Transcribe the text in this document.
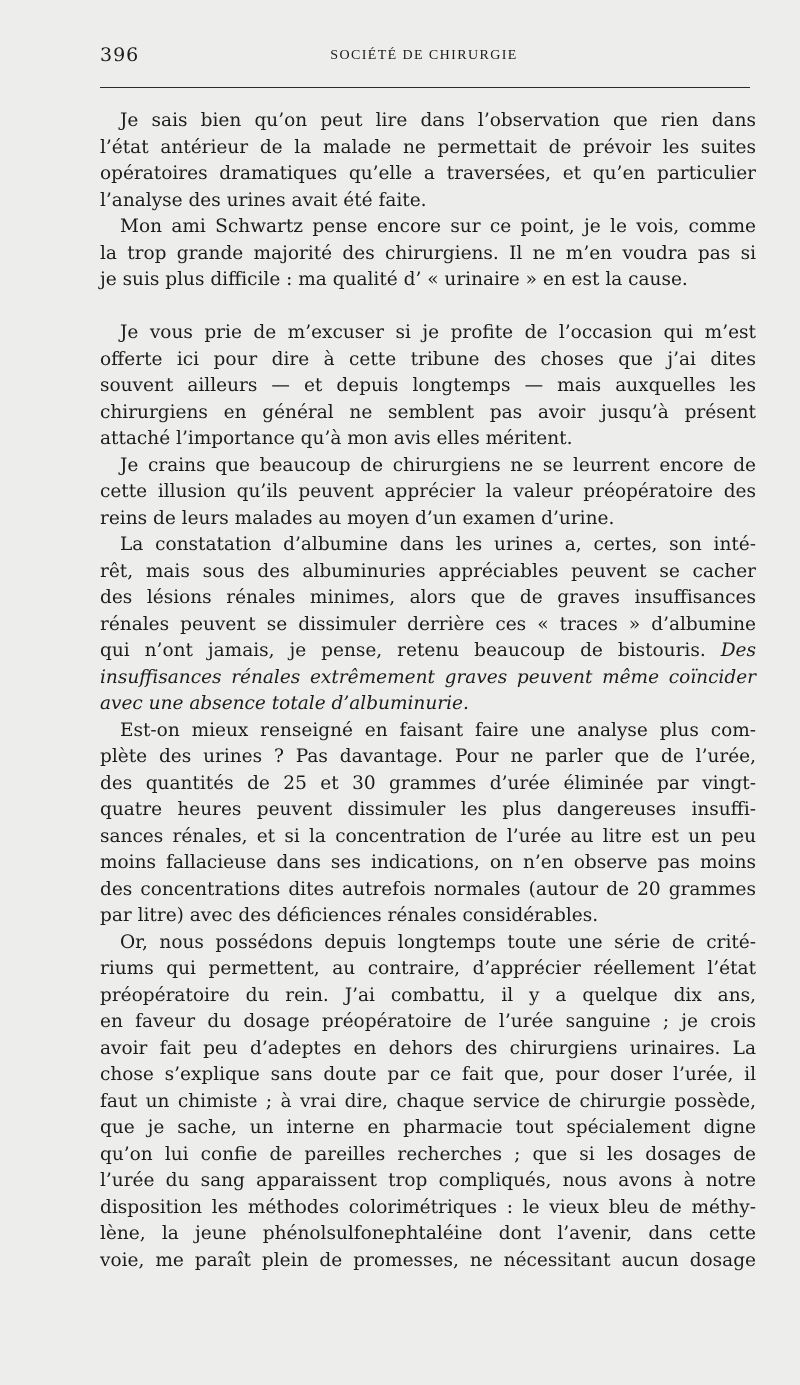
396	SOCIÉTÉ DE CHIRURGIE
Je sais bien qu’on peut lire dans l’observation que rien dans
l’état antérieur de la malade ne permettait de prévoir les suites
opératoires dramatiques qu’elle a traversées, et qu’en particulier
l’analyse des urines avait été faite.
Mon ami Schwartz pense encore sur ce point, je le vois, comme
la trop grande majorité des chirurgiens. Il ne m’en voudra pas si
je suis plus difficile : ma qualité d’ « urinaire » en est la cause.
Je vous prie de m’excuser si je profite de l’occasion qui m’est
offerte ici pour dire à cette tribune des choses que j’ai dites
souvent ailleurs — et depuis longtemps — mais auxquelles les
chirurgiens en général ne semblent pas avoir jusqu’à présent
attaché l’importance qu’à mon avis elles méritent.
Je crains que beaucoup de chirurgiens ne se leurrent encore de
cette illusion qu’ils peuvent apprécier la valeur préopératoire des
reins de leurs malades au moyen d’un examen d’urine.
La constatation d’albumine dans les urines a, certes, son inté-
rêt, mais sous des albuminuries appréciables peuvent se cacher
des lésions rénales minimes, alors que de graves insuffisances
rénales peuvent se dissimuler derrière ces « traces » d’albumine
qui n’ont jamais, je pense, retenu beaucoup de bistouris. Des
insuffisances rénales extrêmement graves peuvent même coïncider
avec une absence totale d’albuminurie.
Est-on mieux renseigné en faisant faire une analyse plus com-
plète des urines ? Pas davantage. Pour ne parler que de l’urée,
des quantités de 25 et 30 grammes d’urée éliminée par vingt-
quatre heures peuvent dissimuler les plus dangereuses insuffi-
sances rénales, et si la concentration de l’urée au litre est un peu
moins fallacieuse dans ses indications, on n’en observe pas moins
des concentrations dites autrefois normales (autour de 20 grammes
par litre) avec des déficiences rénales considérables.
Or, nous possédons depuis longtemps toute une série de crité-
riums qui permettent, au contraire, d’apprécier réellement l’état
préopératoire du rein. J’ai combattu, il y a quelque dix ans,
en faveur du dosage préopératoire de l’urée sanguine ; je crois
avoir fait peu d’adeptes en dehors des chirurgiens urinaires. La
chose s’explique sans doute par ce fait que, pour doser l’urée, il
faut un chimiste ; à vrai dire, chaque service de chirurgie possède,
que je sache, un interne en pharmacie tout spécialement digne
qu’on lui confie de pareilles recherches ; que si les dosages de
l’urée du sang apparaissent trop compliqués, nous avons à notre
disposition les méthodes colorimétriques : le vieux bleu de méthy-
lène, la jeune phénolsulfonephtaléine dont l’avenir, dans cette
voie, me paraît plein de promesses, ne nécessitant aucun dosage
